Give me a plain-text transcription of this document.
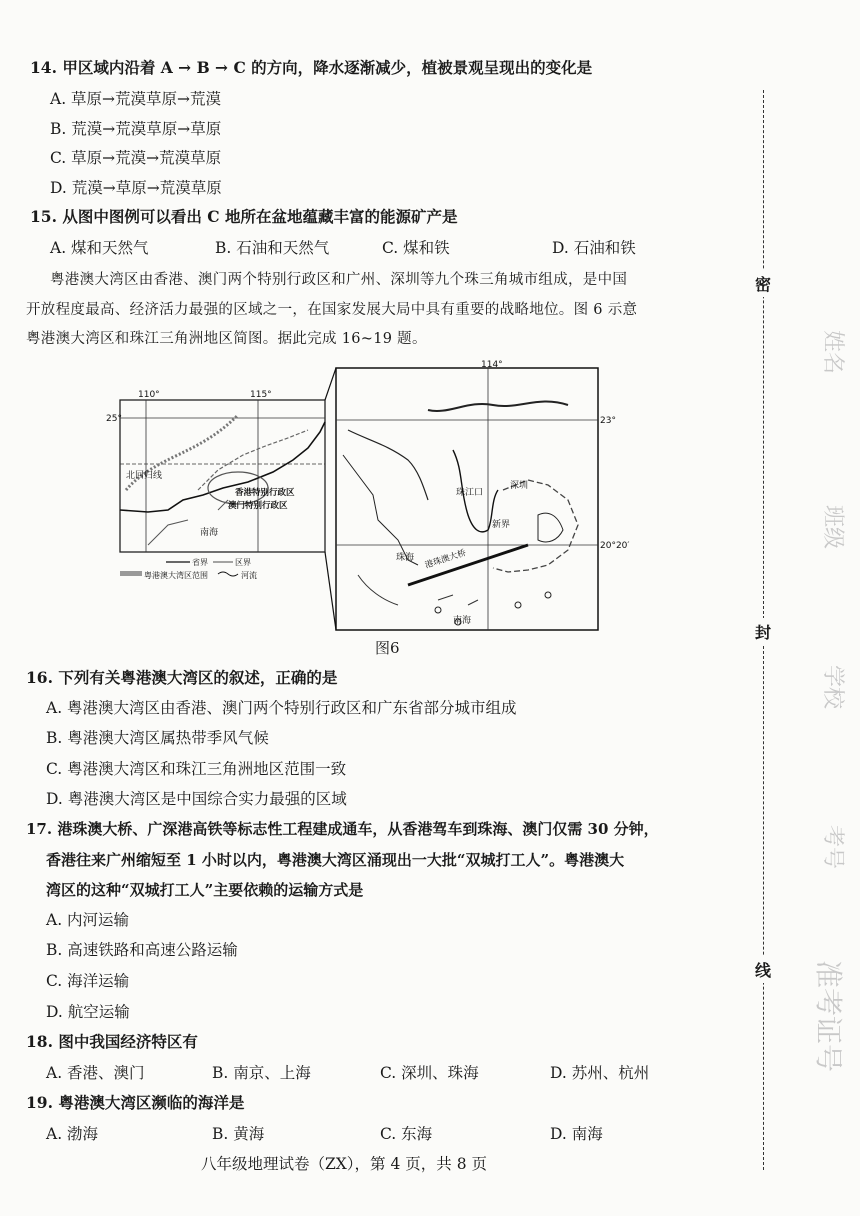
14. 甲区域内沿着 A → B → C 的方向，降水逐渐减少，植被景观呈现出的变化是
A. 草原→荒漠草原→荒漠
B. 荒漠→荒漠草原→草原
C. 草原→荒漠→荒漠草原
D. 荒漠→草原→荒漠草原
15. 从图中图例可以看出 C 地所在盆地蕴藏丰富的能源矿产是
A. 煤和天然气	B. 石油和天然气	C. 煤和铁	D. 石油和铁
粤港澳大湾区由香港、澳门两个特别行政区和广州、深圳等九个珠三角城市组成，是中国
开放程度最高、经济活力最强的区域之一，在国家发展大局中具有重要的战略地位。图 6 示意
粤港澳大湾区和珠江三角洲地区简图。据此完成 16~19 题。
110°	115°
25°
北回归线
香港特别行政区
澳门特别行政区
南海
省界	区界
粤港澳大湾区范围	河流
114°
23°
20°20′
珠江口
深圳
新界
珠海 港珠澳大桥
南海
图6
16. 下列有关粤港澳大湾区的叙述，正确的是
A. 粤港澳大湾区由香港、澳门两个特别行政区和广东省部分城市组成
B. 粤港澳大湾区属热带季风气候
C. 粤港澳大湾区和珠江三角洲地区范围一致
D. 粤港澳大湾区是中国综合实力最强的区域
17. 港珠澳大桥、广深港高铁等标志性工程建成通车，从香港驾车到珠海、澳门仅需 30 分钟，
香港往来广州缩短至 1 小时以内，粤港澳大湾区涌现出一大批“双城打工人”。粤港澳大
湾区的这种“双城打工人”主要依赖的运输方式是
A. 内河运输
B. 高速铁路和高速公路运输
C. 海洋运输
D. 航空运输
18. 图中我国经济特区有
A. 香港、澳门	B. 南京、上海	C. 深圳、珠海	D. 苏州、杭州
19. 粤港澳大湾区濒临的海洋是
A. 渤海	B. 黄海	C. 东海	D. 南海
八年级地理试卷（ZX），第 4 页，共 8 页
密
封
线
姓名
班级
学校
考号
准考证号
